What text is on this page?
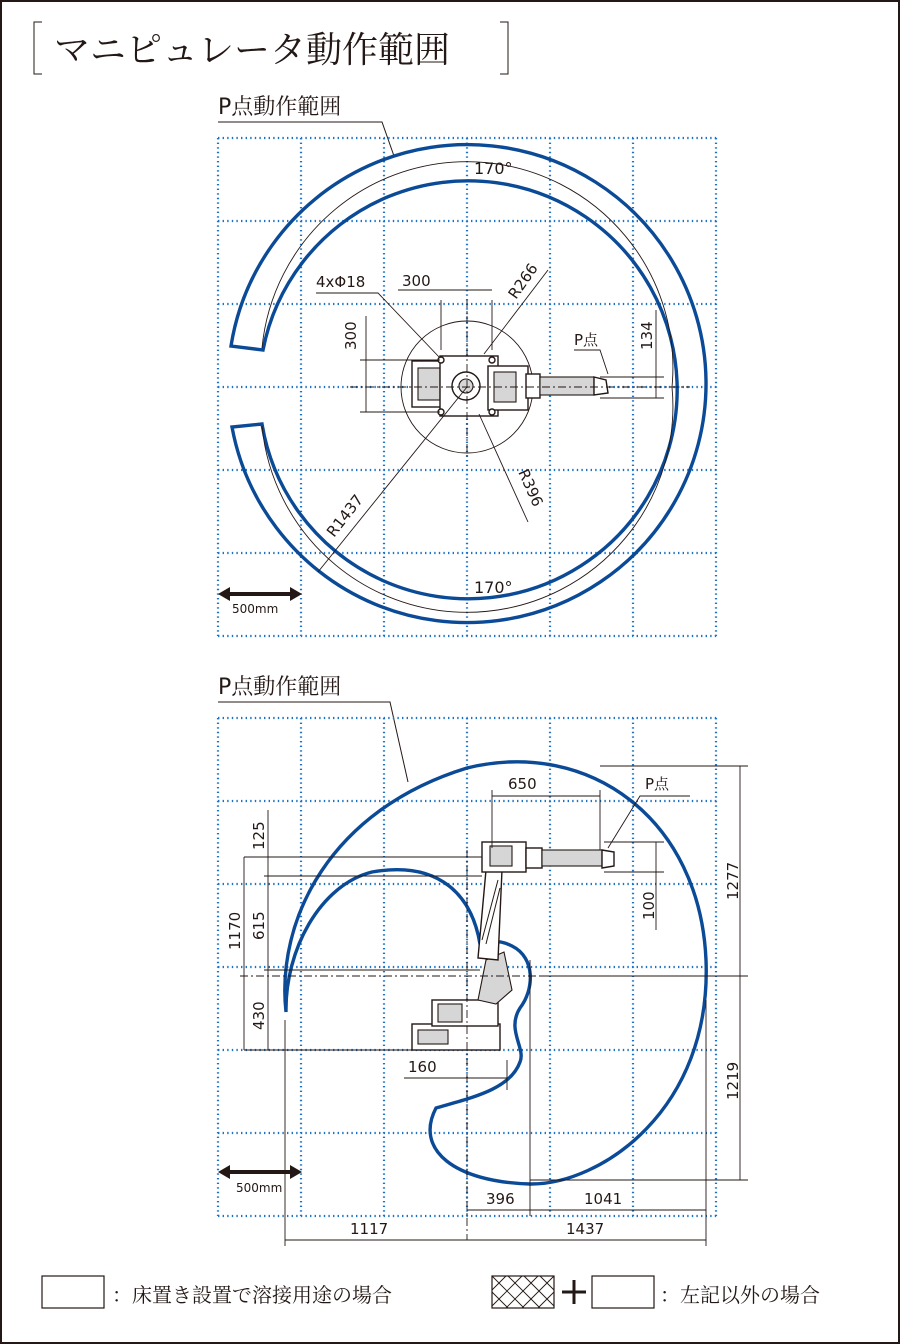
マニピュレータ動作範囲
P点動作範囲
170°
170°
4xΦ18 300
300
R266
R396
R1437
P点	134
500mm
P点動作範囲
650	P点
1170
125
615
430
100
1277
1219
160
396	1041
1117	1437
500mm
：床置き設置で溶接用途の場合	：左記以外の場合
